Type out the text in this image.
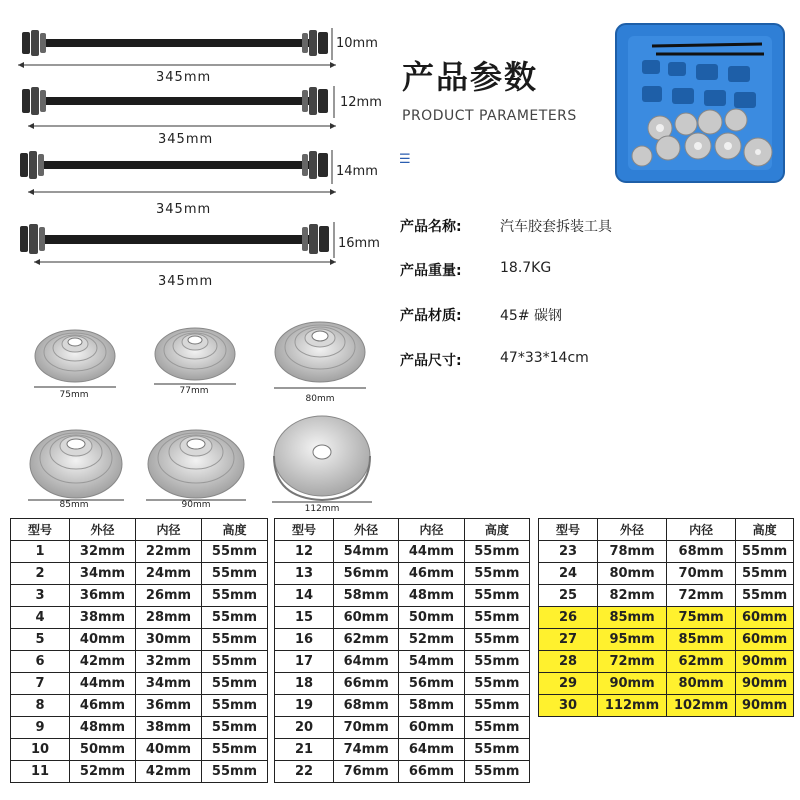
10mm
345mm
12mm
345mm
14mm
345mm
16mm
345mm
75mm	77mm
80mm
85mm	90mm	112mm
产品参数
PRODUCT PARAMETERS
☰
产品名称:	汽车胶套拆装工具
产品重量:	18.7KG
产品材质:	45# 碳钢
产品尺寸:	47*33*14cm
型号	外径	内径	高度
1	32mm	22mm	55mm
2	34mm	24mm	55mm
3	36mm	26mm	55mm
4	38mm	28mm	55mm
5	40mm	30mm	55mm
6	42mm	32mm	55mm
7	44mm	34mm	55mm
8	46mm	36mm	55mm
9	48mm	38mm	55mm
10	50mm	40mm	55mm
11	52mm	42mm	55mm
型号	外径	内径	高度
12	54mm	44mm	55mm
13	56mm	46mm	55mm
14	58mm	48mm	55mm
15	60mm	50mm	55mm
16	62mm	52mm	55mm
17	64mm	54mm	55mm
18	66mm	56mm	55mm
19	68mm	58mm	55mm
20	70mm	60mm	55mm
21	74mm	64mm	55mm
22	76mm	66mm	55mm
型号	外径	内径	高度
23	78mm	68mm	55mm
24	80mm	70mm	55mm
25	82mm	72mm	55mm
26	85mm	75mm	60mm
27	95mm	85mm	60mm
28	72mm	62mm	90mm
29	90mm	80mm	90mm
30	112mm	102mm	90mm
